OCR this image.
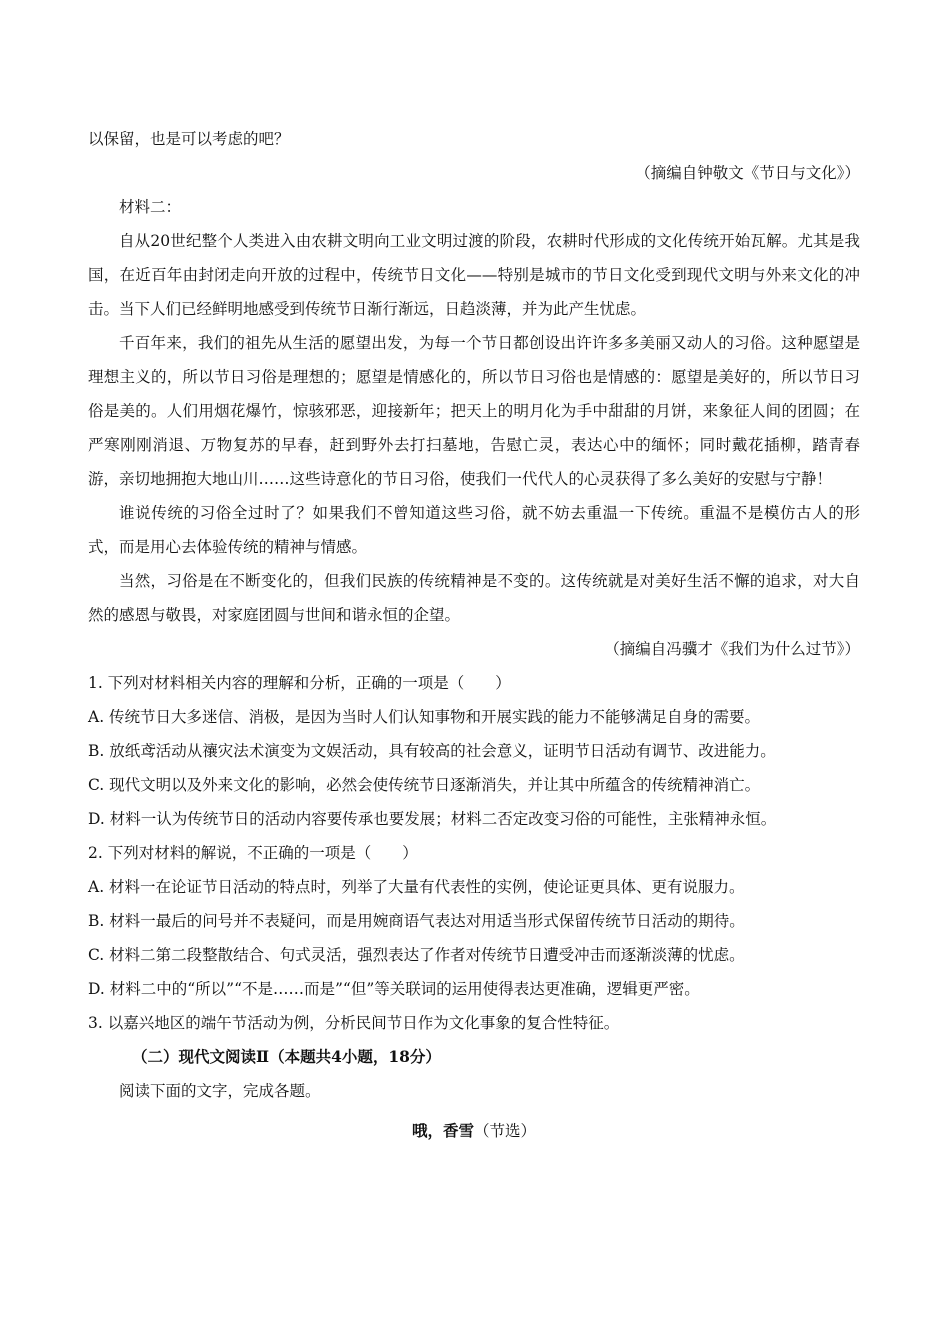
以保留，也是可以考虑的吧？

（摘编自钟敬文《节日与文化》）

材料二：

自从20世纪整个人类进入由农耕文明向工业文明过渡的阶段，农耕时代形成的文化传统开始瓦解。尤其是我国，在近百年由封闭走向开放的过程中，传统节日文化——特别是城市的节日文化受到现代文明与外来文化的冲击。当下人们已经鲜明地感受到传统节日渐行渐远，日趋淡薄，并为此产生忧虑。

千百年来，我们的祖先从生活的愿望出发，为每一个节日都创设出许许多多美丽又动人的习俗。这种愿望是理想主义的，所以节日习俗是理想的；愿望是情感化的，所以节日习俗也是情感的：愿望是美好的，所以节日习俗是美的。人们用烟花爆竹，惊骇邪恶，迎接新年；把天上的明月化为手中甜甜的月饼，来象征人间的团圆；在严寒刚刚消退、万物复苏的早春，赶到野外去打扫墓地，告慰亡灵，表达心中的缅怀；同时戴花插柳，踏青春游，亲切地拥抱大地山川……这些诗意化的节日习俗，使我们一代代人的心灵获得了多么美好的安慰与宁静！

谁说传统的习俗全过时了？如果我们不曾知道这些习俗，就不妨去重温一下传统。重温不是模仿古人的形式，而是用心去体验传统的精神与情感。

当然，习俗是在不断变化的，但我们民族的传统精神是不变的。这传统就是对美好生活不懈的追求，对大自然的感恩与敬畏，对家庭团圆与世间和谐永恒的企望。

（摘编自冯骥才《我们为什么过节》）

1. 下列对材料相关内容的理解和分析，正确的一项是（　　）

A. 传统节日大多迷信、消极，是因为当时人们认知事物和开展实践的能力不能够满足自身的需要。

B. 放纸鸢活动从禳灾法术演变为文娱活动，具有较高的社会意义，证明节日活动有调节、改进能力。

C. 现代文明以及外来文化的影响，必然会使传统节日逐渐消失，并让其中所蕴含的传统精神消亡。

D. 材料一认为传统节日的活动内容要传承也要发展；材料二否定改变习俗的可能性，主张精神永恒。

2. 下列对材料的解说，不正确的一项是（　　）

A. 材料一在论证节日活动的特点时，列举了大量有代表性的实例，使论证更具体、更有说服力。

B. 材料一最后的问号并不表疑问，而是用婉商语气表达对用适当形式保留传统节日活动的期待。

C. 材料二第二段整散结合、句式灵活，强烈表达了作者对传统节日遭受冲击而逐渐淡薄的忧虑。

D. 材料二中的“所以”“不是……而是”“但”等关联词的运用使得表达更准确，逻辑更严密。

3. 以嘉兴地区的端午节活动为例，分析民间节日作为文化事象的复合性特征。

（二）现代文阅读Ⅱ（本题共4小题，18分）

阅读下面的文字，完成各题。

哦，香雪（节选）
